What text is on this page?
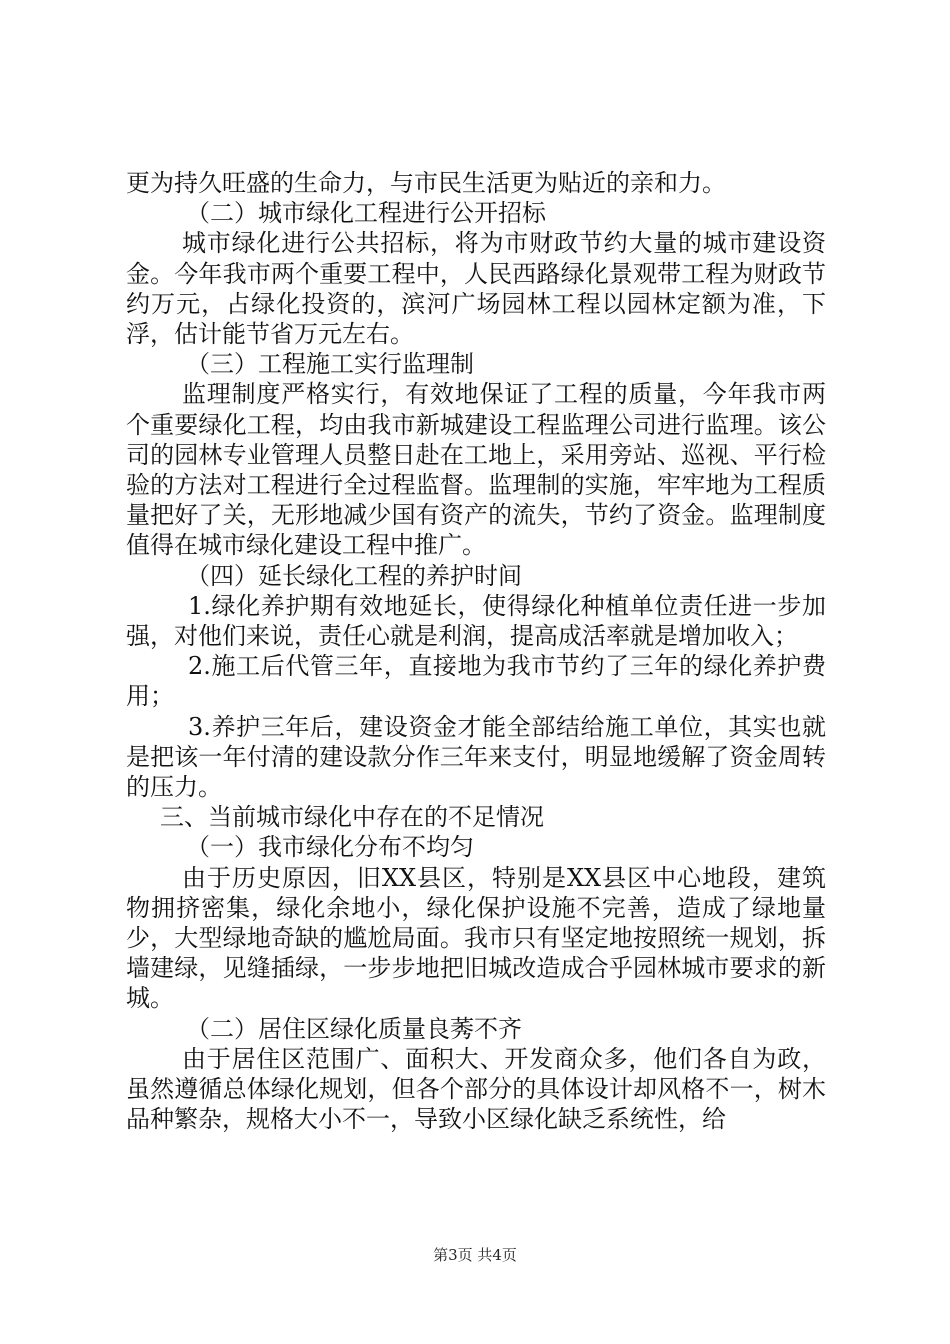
更为持久旺盛的生命力，与市民生活更为贴近的亲和力。

（二）城市绿化工程进行公开招标

城市绿化进行公共招标，将为市财政节约大量的城市建设资金。今年我市两个重要工程中，人民西路绿化景观带工程为财政节约万元，占绿化投资的，滨河广场园林工程以园林定额为准，下浮，估计能节省万元左右。

（三）工程施工实行监理制

监理制度严格实行，有效地保证了工程的质量，今年我市两个重要绿化工程，均由我市新城建设工程监理公司进行监理。该公司的园林专业管理人员整日赴在工地上，采用旁站、巡视、平行检验的方法对工程进行全过程监督。监理制的实施，牢牢地为工程质量把好了关，无形地减少国有资产的流失，节约了资金。监理制度值得在城市绿化建设工程中推广。

（四）延长绿化工程的养护时间

1.绿化养护期有效地延长，使得绿化种植单位责任进一步加强，对他们来说，责任心就是利润，提高成活率就是增加收入；

2.施工后代管三年，直接地为我市节约了三年的绿化养护费用；

3.养护三年后，建设资金才能全部结给施工单位，其实也就是把该一年付清的建设款分作三年来支付，明显地缓解了资金周转的压力。

三、当前城市绿化中存在的不足情况

（一）我市绿化分布不均匀

由于历史原因，旧XX县区，特别是XX县区中心地段，建筑物拥挤密集，绿化余地小，绿化保护设施不完善，造成了绿地量少，大型绿地奇缺的尴尬局面。我市只有坚定地按照统一规划，拆墙建绿，见缝插绿，一步步地把旧城改造成合乎园林城市要求的新城。

（二）居住区绿化质量良莠不齐

由于居住区范围广、面积大、开发商众多，他们各自为政，虽然遵循总体绿化规划，但各个部分的具体设计却风格不一，树木品种繁杂，规格大小不一，导致小区绿化缺乏系统性，给

第3页 共4页
